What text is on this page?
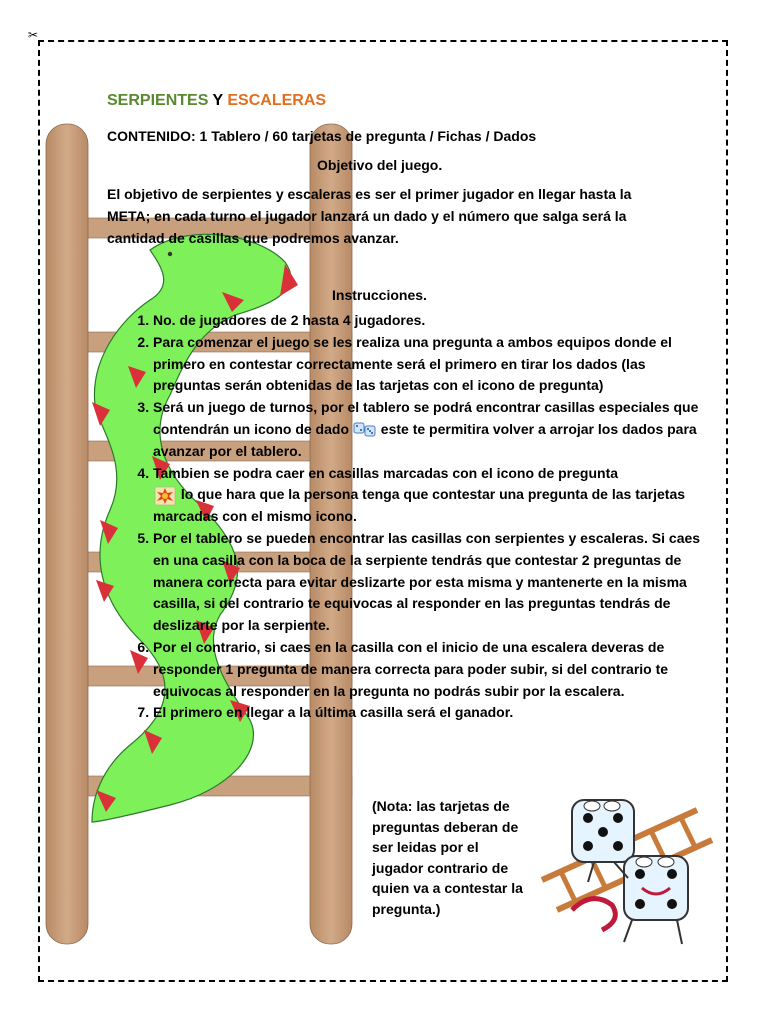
✂
SERPIENTES Y ESCALERAS

CONTENIDO: 1 Tablero / 60 tarjetas de pregunta / Fichas / Dados

Objetivo del juego.

El objetivo de serpientes y escaleras es ser el primer jugador en llegar hasta la META; en cada turno el jugador lanzará un dado y el número que salga será la cantidad de casillas que podremos avanzar.

Instrucciones.

1. No. de jugadores de 2 hasta 4 jugadores.
2. Para comenzar el juego se les realiza una pregunta a ambos equipos donde el primero en contestar correctamente será el primero en tirar los dados (las preguntas serán obtenidas de las tarjetas con el icono de pregunta)
3. Será un juego de turnos, por el tablero se podrá encontrar casillas especiales que contendrán un icono de dado este te permitira volver a arrojar los dados para avanzar por el tablero.
4. Tambien se podra caer en casillas marcadas con el icono de pregunta
lo que hara que la persona tenga que contestar una pregunta de las tarjetas marcadas con el mismo icono.
5. Por el tablero se pueden encontrar las casillas con serpientes y escaleras. Si caes en una casilla con la boca de la serpiente tendrás que contestar 2 preguntas de manera correcta para evitar deslizarte por esta misma y mantenerte en la misma casilla, si del contrario te equivocas al responder en las preguntas tendrás de deslizarte por la serpiente.
6. Por el contrario, si caes en la casilla con el inicio de una escalera deveras de responder 1 pregunta de manera correcta para poder subir, si del contrario te equivocas al responder en la pregunta no podrás subir por la escalera.
7. El primero en llegar a la última casilla será el ganador.

(Nota: las tarjetas de preguntas deberan de ser leidas por el jugador contrario de quien va a contestar la pregunta.)
